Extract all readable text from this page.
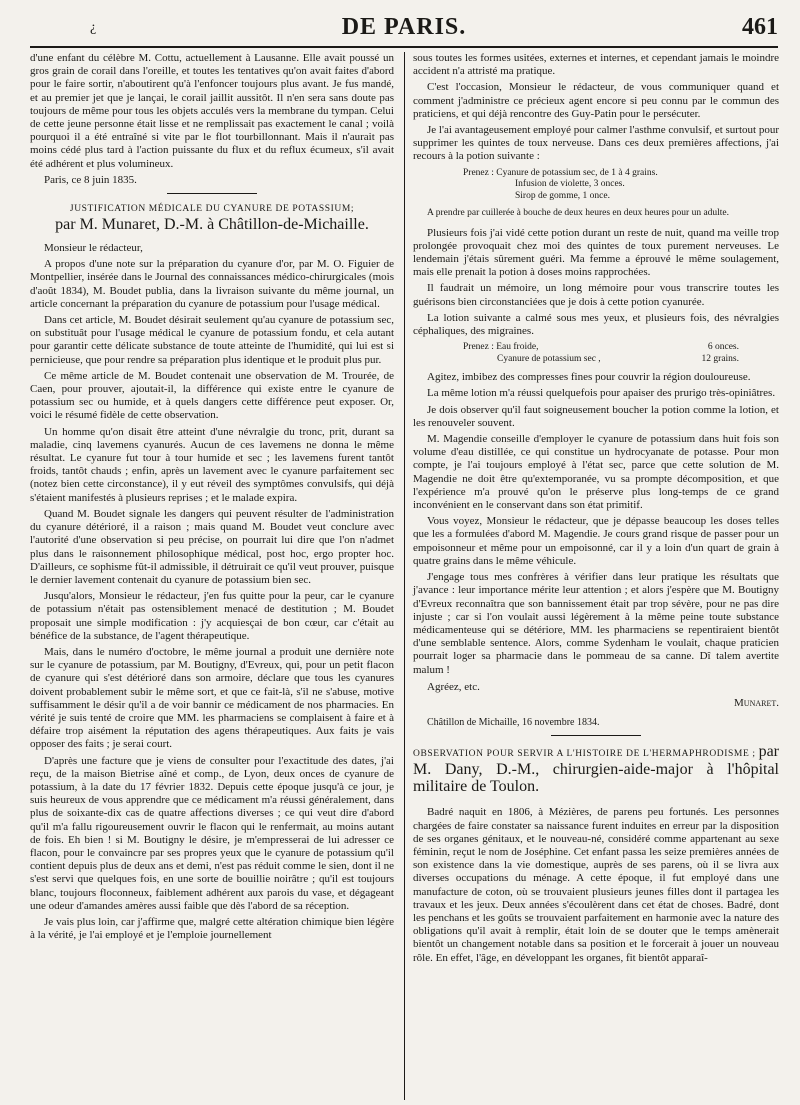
¿	DE PARIS.	461

d'une enfant du célèbre M. Cottu, actuellement à Lausanne. Elle avait poussé un gros grain de corail dans l'oreille, et toutes les tentatives qu'on avait faites d'abord pour le faire sortir, n'aboutirent qu'à l'enfoncer toujours plus avant. Je fus mandé, et au premier jet que je lançai, le corail jaillit aussitôt. Il n'en sera sans doute pas toujours de même pour tous les objets acculés vers la membrane du tympan. Celui de cette jeune personne était lisse et ne remplissait pas exactement le canal ; voilà pourquoi il a été entraîné si vite par le flot tourbillonnant. Mais il n'aurait pas moins cédé plus tard à l'action puissante du flux et du reflux écumeux, s'il avait été adhérent et plus volumineux.

Paris, ce 8 juin 1835.

JUSTIFICATION MÉDICALE DU CYANURE DE POTASSIUM;
par M. Munaret, D.-M. à Châtillon-de-Michaille.

Monsieur le rédacteur,

A propos d'une note sur la préparation du cyanure d'or, par M. O. Figuier de Montpellier, insérée dans le Journal des connaissances médico-chirurgicales (mois d'août 1834), M. Boudet publia, dans la livraison suivante du même journal, un article concernant la préparation du cyanure de potassium pour l'usage médical.

Dans cet article, M. Boudet désirait seulement qu'au cyanure de potassium sec, on substituât pour l'usage médical le cyanure de potassium fondu, et cela autant pour garantir cette délicate substance de toute atteinte de l'humidité, qui lui est si pernicieuse, que pour rendre sa préparation plus identique et le produit plus pur.

Ce même article de M. Boudet contenait une observation de M. Trourée, de Caen, pour prouver, ajoutait-il, la différence qui existe entre le cyanure de potassium sec ou humide, et à quels dangers cette différence peut exposer. Or, voici le résumé fidèle de cette observation.

Un homme qu'on disait être atteint d'une névralgie du tronc, prit, durant sa maladie, cinq lavemens cyanurés. Aucun de ces lavemens ne donna le même résultat. Le cyanure fut tour à tour humide et sec ; les lavemens furent tantôt froids, tantôt chauds ; enfin, après un lavement avec le cyanure parfaitement sec (notez bien cette circonstance), il y eut réveil des symptômes convulsifs, qui déjà s'étaient manifestés à plusieurs reprises ; et le malade expira.

Quand M. Boudet signale les dangers qui peuvent résulter de l'administration du cyanure détérioré, il a raison ; mais quand M. Boudet veut conclure avec l'autorité d'une observation si peu précise, on pourrait lui dire que l'on n'admet plus dans le raisonnement philosophique médical, post hoc, ergo propter hoc. D'ailleurs, ce sophisme fût-il admissible, il détruirait ce qu'il veut prouver, puisque le dernier lavement contenait du cyanure de potassium bien sec.

Jusqu'alors, Monsieur le rédacteur, j'en fus quitte pour la peur, car le cyanure de potassium n'était pas ostensiblement menacé de destitution ; M. Boudet proposait une simple modification : j'y acquiesçai de bon cœur, car c'était au bénéfice de la substance, de l'agent thérapeutique.

Mais, dans le numéro d'octobre, le même journal a produit une dernière note sur le cyanure de potassium, par M. Boutigny, d'Evreux, qui, pour un petit flacon de cyanure qui s'est détérioré dans son armoire, déclare que tous les cyanures doivent probablement subir le même sort, et que ce fait-là, s'il ne s'abuse, motive suffisamment le désir qu'il a de voir bannir ce médicament de nos pharmacies. En vérité je suis tenté de croire que MM. les pharmaciens se complaisent à faire et à défaire trop aisément la réputation des agens thérapeutiques. Aux faits je vais opposer des faits ; je serai court.

D'après une facture que je viens de consulter pour l'exactitude des dates, j'ai reçu, de la maison Bietrise aîné et comp., de Lyon, deux onces de cyanure de potassium, à la date du 17 février 1832. Depuis cette époque jusqu'à ce jour, je suis heureux de vous apprendre que ce médicament m'a réussi généralement, dans plus de soixante-dix cas de quatre affections diverses ; ce qui veut dire d'abord qu'il m'a fallu rigoureusement ouvrir le flacon qui le renfermait, au moins autant de fois. Eh bien ! si M. Boutigny le désire, je m'empresserai de lui adresser ce flacon, pour le convaincre par ses propres yeux que le cyanure de potassium qu'il contient depuis plus de deux ans et demi, n'est pas réduit comme le sien, dont il ne s'est servi que quelques fois, en une sorte de bouillie noirâtre ; qu'il est toujours blanc, toujours floconneux, faiblement adhérent aux parois du vase, et dégageant une odeur d'amandes amères aussi faible que dès l'abord de sa réception.

Je vais plus loin, car j'affirme que, malgré cette altération chimique bien légère à la vérité, je l'ai employé et je l'emploie journellement

sous toutes les formes usitées, externes et internes, et cependant jamais le moindre accident n'a attristé ma pratique.

C'est l'occasion, Monsieur le rédacteur, de vous communiquer quand et comment j'administre ce précieux agent encore si peu connu par le commun des praticiens, et qui déjà rencontre des Guy-Patin pour le persécuter.

Je l'ai avantageusement employé pour calmer l'asthme convulsif, et surtout pour supprimer les quintes de toux nerveuse. Dans ces deux premières affections, j'ai recours à la potion suivante :

Prenez : Cyanure de potassium sec, de 1 à 4 grains.
Infusion de violette, 3 onces.
Sirop de gomme, 1 once.

A prendre par cuillerée à bouche de deux heures en deux heures pour un adulte.

Plusieurs fois j'ai vidé cette potion durant un reste de nuit, quand ma veille trop prolongée provoquait chez moi des quintes de toux purement nerveuses. Le lendemain j'étais sûrement guéri. Ma femme a éprouvé le même soulagement, mais elle prenait la potion à doses moins rapprochées.

Il faudrait un mémoire, un long mémoire pour vous transcrire toutes les guérisons bien circonstanciées que je dois à cette potion cyanurée.

La lotion suivante a calmé sous mes yeux, et plusieurs fois, des névralgies céphaliques, des migraines.

Prenez : Eau froide,	6 onces.
Cyanure de potassium sec ,	12 grains.

Agitez, imbibez des compresses fines pour couvrir la région douloureuse.

La même lotion m'a réussi quelquefois pour apaiser des prurigo très-opiniâtres.

Je dois observer qu'il faut soigneusement boucher la potion comme la lotion, et les renouveler souvent.

M. Magendie conseille d'employer le cyanure de potassium dans huit fois son volume d'eau distillée, ce qui constitue un hydrocyanate de potasse. Pour mon compte, je l'ai toujours employé à l'état sec, parce que cette solution de M. Magendie ne doit être qu'extemporanée, vu sa prompte décomposition, et que l'expérience m'a prouvé qu'on le préserve plus long-temps de ce grand inconvénient en le conservant dans son état primitif.

Vous voyez, Monsieur le rédacteur, que je dépasse beaucoup les doses telles que les a formulées d'abord M. Magendie. Je cours grand risque de passer pour un empoisonneur et même pour un empoisonné, car il y a loin d'un quart de grain à quatre grains dans le même véhicule.

J'engage tous mes confrères à vérifier dans leur pratique les résultats que j'avance : leur importance mérite leur attention ; et alors j'espère que M. Boutigny d'Evreux reconnaîtra que son bannissement était par trop sévère, pour ne pas dire injuste ; car si l'on voulait aussi légèrement à la même peine toute substance médicamenteuse qui se détériore, MM. les pharmaciens se repentiraient bientôt d'une semblable sentence. Alors, comme Sydenham le voulait, chaque praticien pourrait loger sa pharmacie dans le pommeau de sa canne. Dî talem avertite malum !

Agréez, etc.

Munaret.

Châtillon de Michaille, 16 novembre 1834.

OBSERVATION POUR SERVIR A L'HISTOIRE DE L'HERMAPHRODISME ; par M. Dany, D.-M., chirurgien-aide-major à l'hôpital militaire de Toulon.

Badré naquit en 1806, à Mézières, de parens peu fortunés. Les personnes chargées de faire constater sa naissance furent induites en erreur par la disposition de ses organes génitaux, et le nouveau-né, considéré comme appartenant au sexe féminin, reçut le nom de Joséphine. Cet enfant passa les seize premières années de son existence dans la vie domestique, auprès de ses parens, où il se livra aux diverses occupations du ménage. A cette époque, il fut employé dans une manufacture de coton, où se trouvaient plusieurs jeunes filles dont il partagea les travaux et les jeux. Deux années s'écoulèrent dans cet état de choses. Badré, dont les penchans et les goûts se trouvaient parfaitement en harmonie avec la nature des obligations qu'il avait à remplir, était loin de se douter que le temps amènerait bientôt un changement notable dans sa position et le forcerait à jouer un nouveau rôle. En effet, l'âge, en développant les organes, fit bientôt apparaî-
